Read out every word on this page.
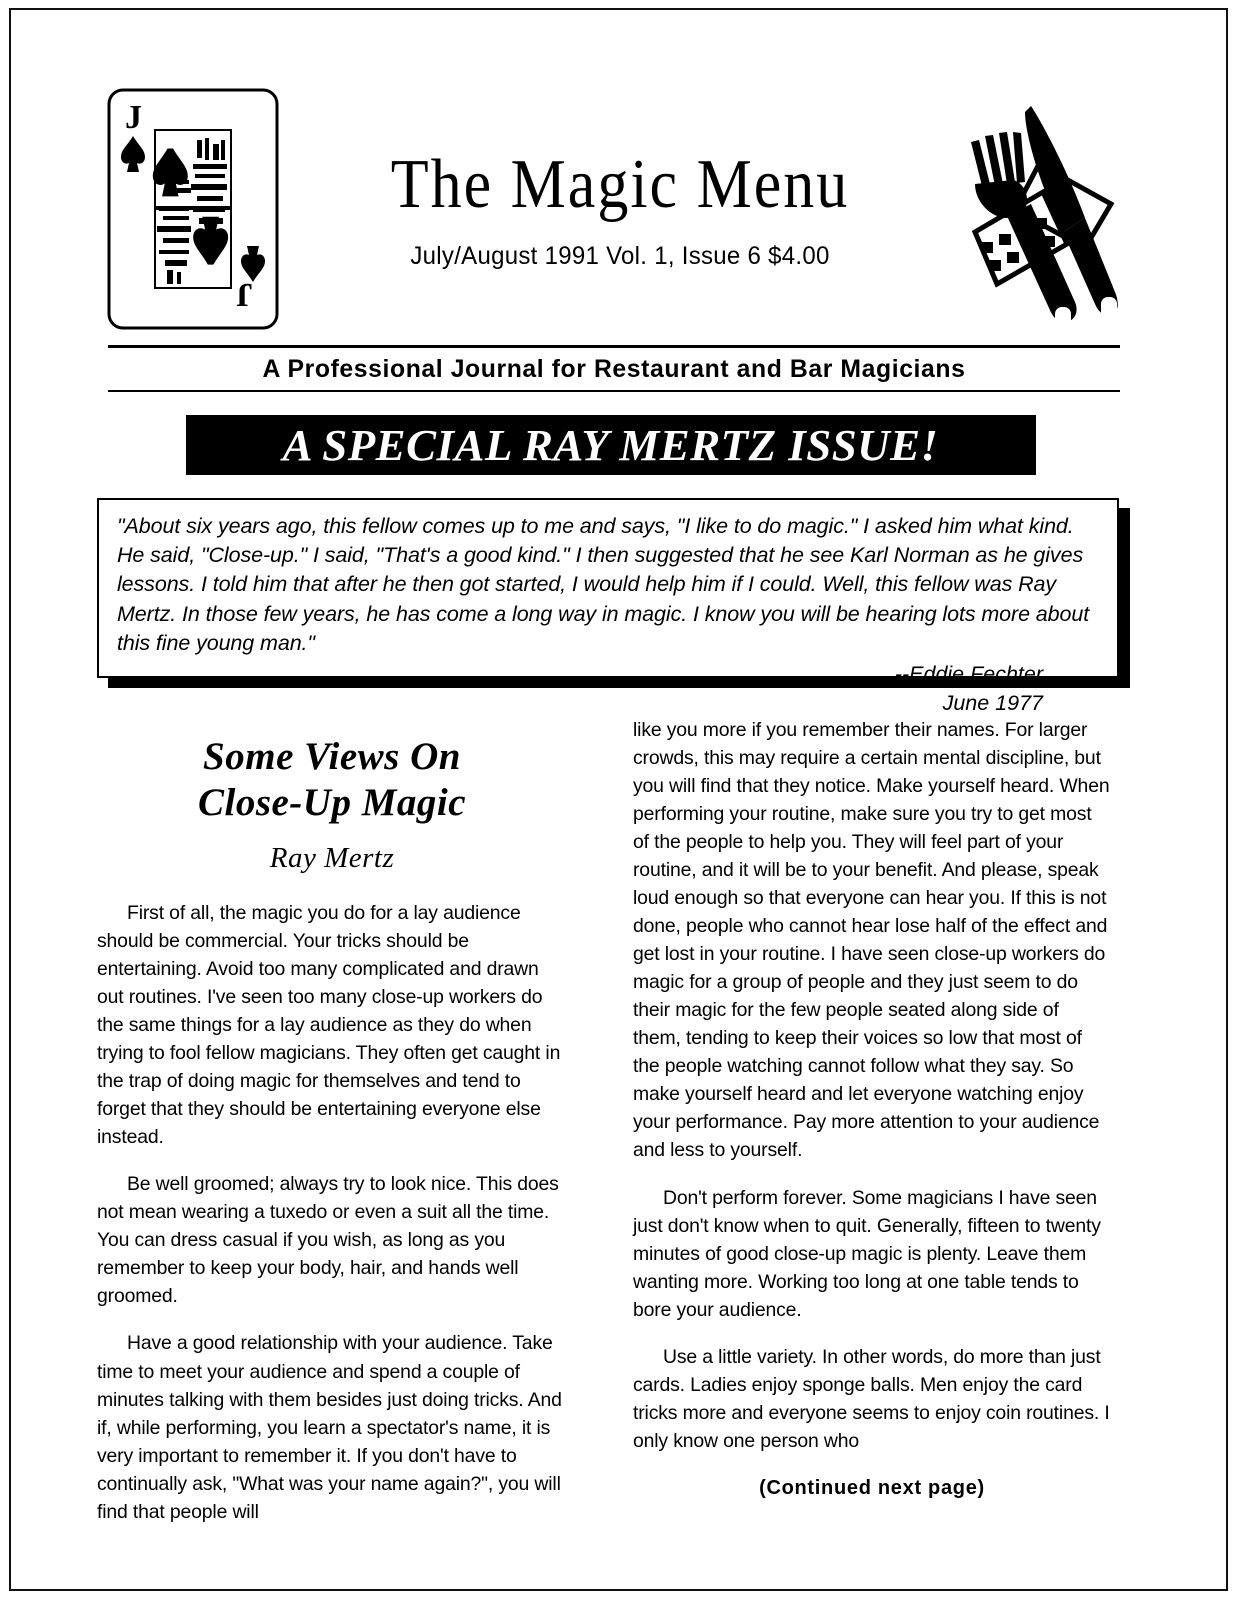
J
J
The Magic Menu
July/August 1991 Vol. 1, Issue 6 $4.00
A Professional Journal for Restaurant and Bar Magicians
A SPECIAL RAY MERTZ ISSUE!
"About six years ago, this fellow comes up to me and says, "I like to do magic." I asked him what kind. He said, "Close-up." I said, "That's a good kind." I then suggested that he see Karl Norman as he gives lessons. I told him that after he then got started, I would help him if I could. Well, this fellow was Ray Mertz. In those few years, he has come a long way in magic. I know you will be hearing lots more about this fine young man."
--Eddie Fechter
June 1977
Some Views On
Close-Up Magic
Ray Mertz

First of all, the magic you do for a lay audience should be commercial. Your tricks should be entertaining. Avoid too many complicated and drawn out routines. I've seen too many close-up workers do the same things for a lay audience as they do when trying to fool fellow magicians. They often get caught in the trap of doing magic for themselves and tend to forget that they should be entertaining everyone else instead.

Be well groomed; always try to look nice. This does not mean wearing a tuxedo or even a suit all the time. You can dress casual if you wish, as long as you remember to keep your body, hair, and hands well groomed.

Have a good relationship with your audience. Take time to meet your audience and spend a couple of minutes talking with them besides just doing tricks. And if, while performing, you learn a spectator's name, it is very important to remember it. If you don't have to continually ask, "What was your name again?", you will find that people will

like you more if you remember their names. For larger crowds, this may require a certain mental discipline, but you will find that they notice. Make yourself heard. When performing your routine, make sure you try to get most of the people to help you. They will feel part of your routine, and it will be to your benefit. And please, speak loud enough so that everyone can hear you. If this is not done, people who cannot hear lose half of the effect and get lost in your routine. I have seen close-up workers do magic for a group of people and they just seem to do their magic for the few people seated along side of them, tending to keep their voices so low that most of the people watching cannot follow what they say. So make yourself heard and let everyone watching enjoy your performance. Pay more attention to your audience and less to yourself.

Don't perform forever. Some magicians I have seen just don't know when to quit. Generally, fifteen to twenty minutes of good close-up magic is plenty. Leave them wanting more. Working too long at one table tends to bore your audience.

Use a little variety. In other words, do more than just cards. Ladies enjoy sponge balls. Men enjoy the card tricks more and everyone seems to enjoy coin routines. I only know one person who

(Continued next page)
